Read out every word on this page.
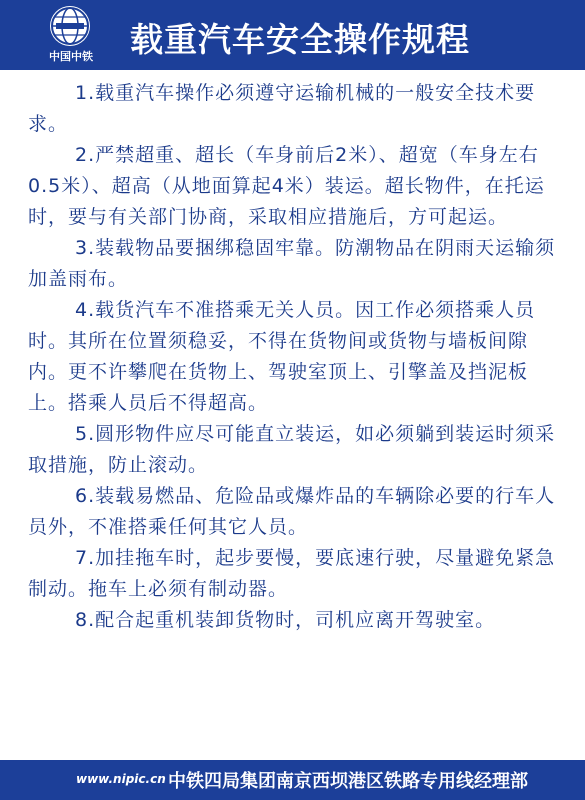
中国中铁	载重汽车安全操作规程

1.载重汽车操作必须遵守运输机械的一般安全技术要求。

2.严禁超重、超长（车身前后2米）、超宽（车身左右0.5米）、超高（从地面算起4米）装运。超长物件，在托运时，要与有关部门协商，采取相应措施后，方可起运。

3.装载物品要捆绑稳固牢靠。防潮物品在阴雨天运输须加盖雨布。

4.载货汽车不准搭乘无关人员。因工作必须搭乘人员时。其所在位置须稳妥，不得在货物间或货物与墙板间隙内。更不许攀爬在货物上、驾驶室顶上、引擎盖及挡泥板上。搭乘人员后不得超高。

5.圆形物件应尽可能直立装运，如必须躺到装运时须采取措施，防止滚动。

6.装载易燃品、危险品或爆炸品的车辆除必要的行车人员外，不准搭乘任何其它人员。

7.加挂拖车时，起步要慢，要底速行驶，尽量避免紧急制动。拖车上必须有制动器。

8.配合起重机装卸货物时，司机应离开驾驶室。

www.nipic.cn 中铁四局集团南京西坝港区铁路专用线经理部
